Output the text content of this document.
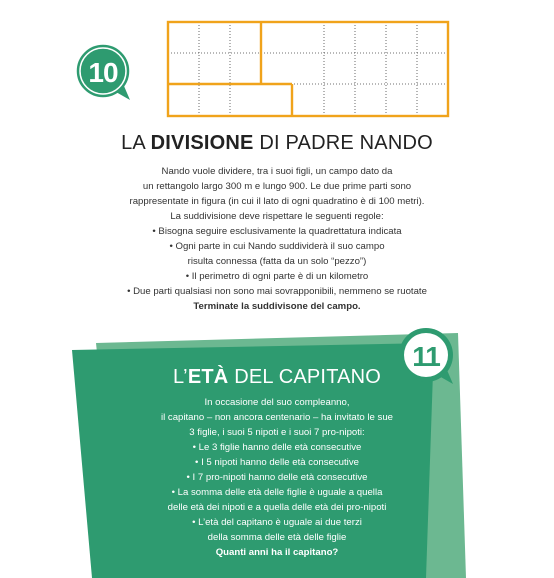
10
LA DIVISIONE DI PADRE NANDO
Nando vuole dividere, tra i suoi figli, un campo dato da
un rettangolo largo 300 m e lungo 900. Le due prime parti sono
rappresentate in figura (in cui il lato di ogni quadratino è di 100 metri).
La suddivisione deve rispettare le seguenti regole:
• Bisogna seguire esclusivamente la quadrettatura indicata
• Ogni parte in cui Nando suddividerà il suo campo
risulta connessa (fatta da un solo “pezzo”)
• Il perimetro di ogni parte è di un kilometro
• Due parti qualsiasi non sono mai sovrapponibili, nemmeno se ruotate
Terminate la suddivisone del campo.
11
L’ETÀ DEL CAPITANO
In occasione del suo compleanno,
il capitano – non ancora centenario – ha invitato le sue
3 figlie, i suoi 5 nipoti e i suoi 7 pro-nipoti:
• Le 3 figlie hanno delle età consecutive
• I 5 nipoti hanno delle età consecutive
• I 7 pro-nipoti hanno delle età consecutive
• La somma delle età delle figlie è uguale a quella
delle età dei nipoti e a quella delle età dei pro-nipoti
• L’età del capitano è uguale ai due terzi
della somma delle età delle figlie
Quanti anni ha il capitano?
